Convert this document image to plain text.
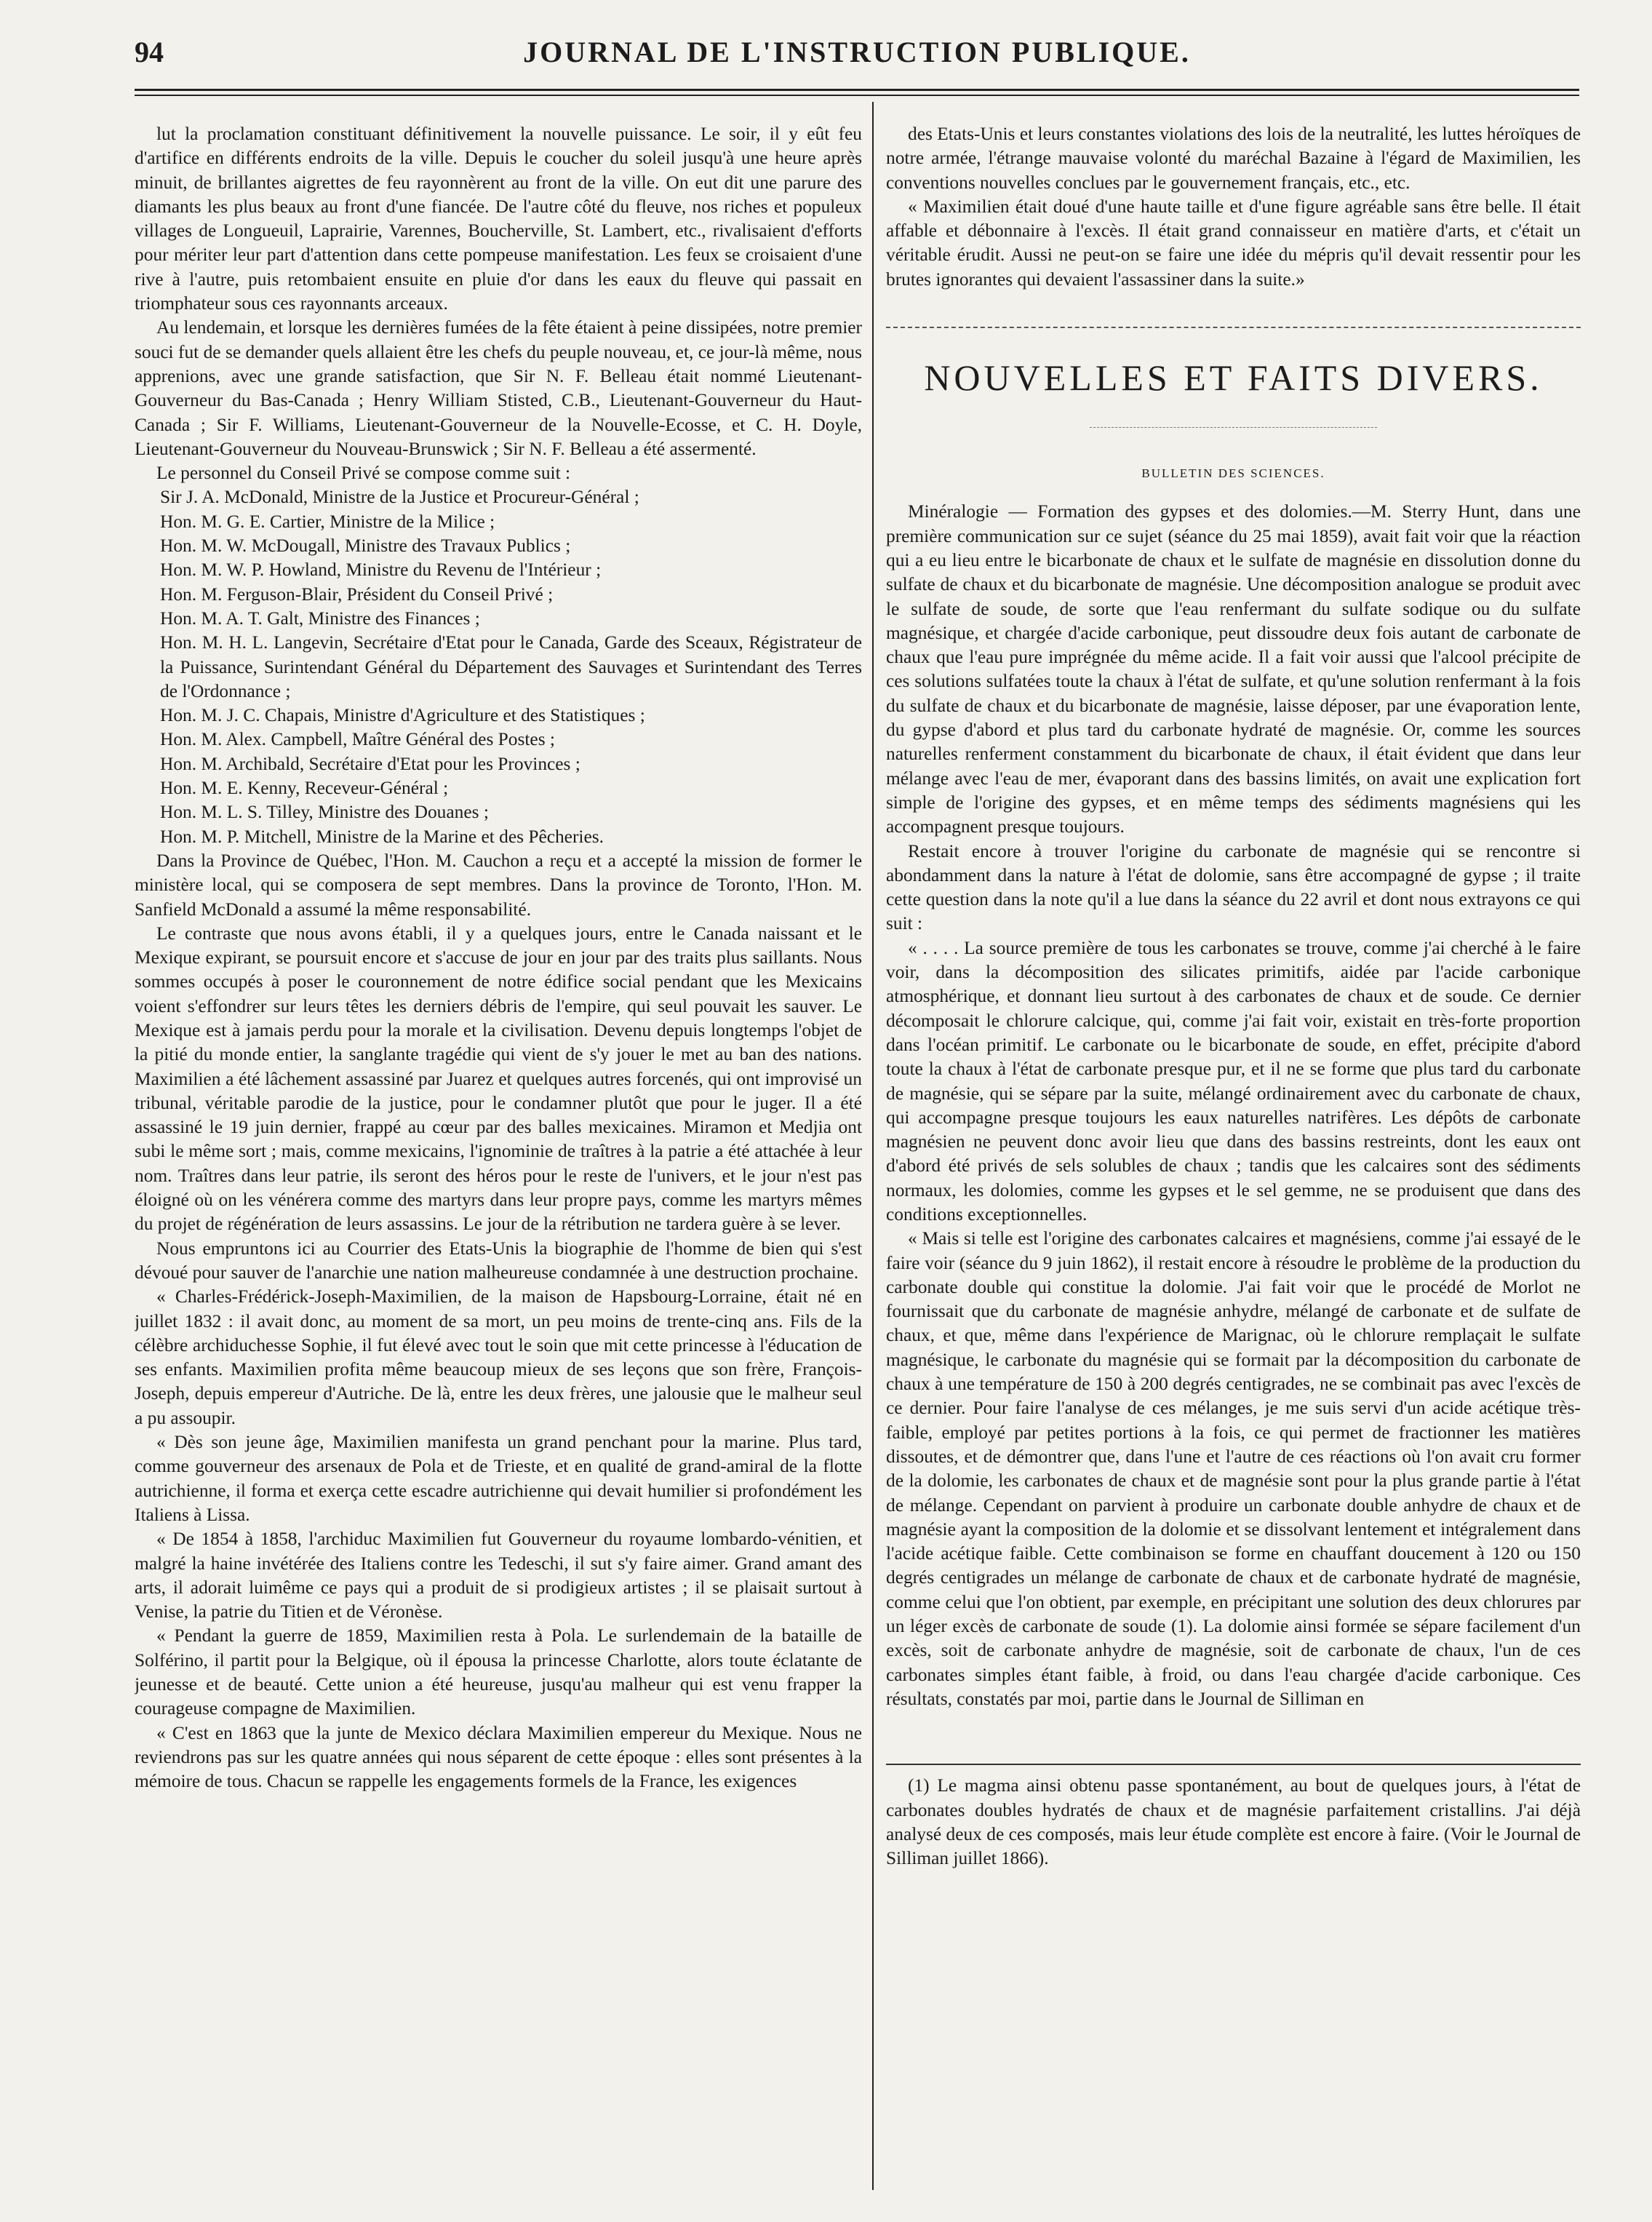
94	JOURNAL DE L'INSTRUCTION PUBLIQUE.

lut la proclamation constituant définitivement la nouvelle puissance. Le soir, il y eût feu d'artifice en différents endroits de la ville. Depuis le coucher du soleil jusqu'à une heure après minuit, de brillantes aigrettes de feu rayonnèrent au front de la ville. On eut dit une parure des diamants les plus beaux au front d'une fiancée. De l'autre côté du fleuve, nos riches et populeux villages de Longueuil, Laprairie, Varennes, Boucherville, St. Lambert, etc., rivalisaient d'efforts pour mériter leur part d'attention dans cette pompeuse manifestation. Les feux se croisaient d'une rive à l'autre, puis retombaient ensuite en pluie d'or dans les eaux du fleuve qui passait en triomphateur sous ces rayonnants arceaux.

Au lendemain, et lorsque les dernières fumées de la fête étaient à peine dissipées, notre premier souci fut de se demander quels allaient être les chefs du peuple nouveau, et, ce jour-là même, nous apprenions, avec une grande satisfaction, que Sir N. F. Belleau était nommé Lieutenant-Gouverneur du Bas-Canada ; Henry William Stisted, C.B., Lieutenant-Gouverneur du Haut-Canada ; Sir F. Williams, Lieutenant-Gouverneur de la Nouvelle-Ecosse, et C. H. Doyle, Lieutenant-Gouverneur du Nouveau-Brunswick ; Sir N. F. Belleau a été assermenté.

Le personnel du Conseil Privé se compose comme suit :

Sir J. A. McDonald, Ministre de la Justice et Procureur-Général ;

Hon. M. G. E. Cartier, Ministre de la Milice ;

Hon. M. W. McDougall, Ministre des Travaux Publics ;

Hon. M. W. P. Howland, Ministre du Revenu de l'Intérieur ;

Hon. M. Ferguson-Blair, Président du Conseil Privé ;

Hon. M. A. T. Galt, Ministre des Finances ;

Hon. M. H. L. Langevin, Secrétaire d'Etat pour le Canada, Garde des Sceaux, Régistrateur de la Puissance, Surintendant Général du Département des Sauvages et Surintendant des Terres de l'Ordonnance ;

Hon. M. J. C. Chapais, Ministre d'Agriculture et des Statistiques ;

Hon. M. Alex. Campbell, Maître Général des Postes ;

Hon. M. Archibald, Secrétaire d'Etat pour les Provinces ;

Hon. M. E. Kenny, Receveur-Général ;

Hon. M. L. S. Tilley, Ministre des Douanes ;

Hon. M. P. Mitchell, Ministre de la Marine et des Pêcheries.

Dans la Province de Québec, l'Hon. M. Cauchon a reçu et a accepté la mission de former le ministère local, qui se composera de sept membres. Dans la province de Toronto, l'Hon. M. Sanfield McDonald a assumé la même responsabilité.

Le contraste que nous avons établi, il y a quelques jours, entre le Canada naissant et le Mexique expirant, se poursuit encore et s'accuse de jour en jour par des traits plus saillants. Nous sommes occupés à poser le couronnement de notre édifice social pendant que les Mexicains voient s'effondrer sur leurs têtes les derniers débris de l'empire, qui seul pouvait les sauver. Le Mexique est à jamais perdu pour la morale et la civilisation. Devenu depuis longtemps l'objet de la pitié du monde entier, la sanglante tragédie qui vient de s'y jouer le met au ban des nations. Maximilien a été lâchement assassiné par Juarez et quelques autres forcenés, qui ont improvisé un tribunal, véritable parodie de la justice, pour le condamner plutôt que pour le juger. Il a été assassiné le 19 juin dernier, frappé au cœur par des balles mexicaines. Miramon et Medjia ont subi le même sort ; mais, comme mexicains, l'ignominie de traîtres à la patrie a été attachée à leur nom. Traîtres dans leur patrie, ils seront des héros pour le reste de l'univers, et le jour n'est pas éloigné où on les vénérera comme des martyrs dans leur propre pays, comme les martyrs mêmes du projet de régénération de leurs assassins. Le jour de la rétribution ne tardera guère à se lever.

Nous empruntons ici au Courrier des Etats-Unis la biographie de l'homme de bien qui s'est dévoué pour sauver de l'anarchie une nation malheureuse condamnée à une destruction prochaine.

« Charles-Frédérick-Joseph-Maximilien, de la maison de Hapsbourg-Lorraine, était né en juillet 1832 : il avait donc, au moment de sa mort, un peu moins de trente-cinq ans. Fils de la célèbre archiduchesse Sophie, il fut élevé avec tout le soin que mit cette princesse à l'éducation de ses enfants. Maximilien profita même beaucoup mieux de ses leçons que son frère, François-Joseph, depuis empereur d'Autriche. De là, entre les deux frères, une jalousie que le malheur seul a pu assoupir.

« Dès son jeune âge, Maximilien manifesta un grand penchant pour la marine. Plus tard, comme gouverneur des arsenaux de Pola et de Trieste, et en qualité de grand-amiral de la flotte autrichienne, il forma et exerça cette escadre autrichienne qui devait humilier si profondément les Italiens à Lissa.

« De 1854 à 1858, l'archiduc Maximilien fut Gouverneur du royaume lombardo-vénitien, et malgré la haine invétérée des Italiens contre les Tedeschi, il sut s'y faire aimer. Grand amant des arts, il adorait luimême ce pays qui a produit de si prodigieux artistes ; il se plaisait surtout à Venise, la patrie du Titien et de Véronèse.

« Pendant la guerre de 1859, Maximilien resta à Pola. Le surlendemain de la bataille de Solférino, il partit pour la Belgique, où il épousa la princesse Charlotte, alors toute éclatante de jeunesse et de beauté. Cette union a été heureuse, jusqu'au malheur qui est venu frapper la courageuse compagne de Maximilien.

« C'est en 1863 que la junte de Mexico déclara Maximilien empereur du Mexique. Nous ne reviendrons pas sur les quatre années qui nous séparent de cette époque : elles sont présentes à la mémoire de tous. Chacun se rappelle les engagements formels de la France, les exigences

des Etats-Unis et leurs constantes violations des lois de la neutralité, les luttes héroïques de notre armée, l'étrange mauvaise volonté du maréchal Bazaine à l'égard de Maximilien, les conventions nouvelles conclues par le gouvernement français, etc., etc.

« Maximilien était doué d'une haute taille et d'une figure agréable sans être belle. Il était affable et débonnaire à l'excès. Il était grand connaisseur en matière d'arts, et c'était un véritable érudit. Aussi ne peut-on se faire une idée du mépris qu'il devait ressentir pour les brutes ignorantes qui devaient l'assassiner dans la suite.»

NOUVELLES ET FAITS DIVERS.
BULLETIN DES SCIENCES.

Minéralogie — Formation des gypses et des dolomies.—M. Sterry Hunt, dans une première communication sur ce sujet (séance du 25 mai 1859), avait fait voir que la réaction qui a eu lieu entre le bicarbonate de chaux et le sulfate de magnésie en dissolution donne du sulfate de chaux et du bicarbonate de magnésie. Une décomposition analogue se produit avec le sulfate de soude, de sorte que l'eau renfermant du sulfate sodique ou du sulfate magnésique, et chargée d'acide carbonique, peut dissoudre deux fois autant de carbonate de chaux que l'eau pure imprégnée du même acide. Il a fait voir aussi que l'alcool précipite de ces solutions sulfatées toute la chaux à l'état de sulfate, et qu'une solution renfermant à la fois du sulfate de chaux et du bicarbonate de magnésie, laisse déposer, par une évaporation lente, du gypse d'abord et plus tard du carbonate hydraté de magnésie. Or, comme les sources naturelles renferment constamment du bicarbonate de chaux, il était évident que dans leur mélange avec l'eau de mer, évaporant dans des bassins limités, on avait une explication fort simple de l'origine des gypses, et en même temps des sédiments magnésiens qui les accompagnent presque toujours.

Restait encore à trouver l'origine du carbonate de magnésie qui se rencontre si abondamment dans la nature à l'état de dolomie, sans être accompagné de gypse ; il traite cette question dans la note qu'il a lue dans la séance du 22 avril et dont nous extrayons ce qui suit :

« . . . . La source première de tous les carbonates se trouve, comme j'ai cherché à le faire voir, dans la décomposition des silicates primitifs, aidée par l'acide carbonique atmosphérique, et donnant lieu surtout à des carbonates de chaux et de soude. Ce dernier décomposait le chlorure calcique, qui, comme j'ai fait voir, existait en très-forte proportion dans l'océan primitif. Le carbonate ou le bicarbonate de soude, en effet, précipite d'abord toute la chaux à l'état de carbonate presque pur, et il ne se forme que plus tard du carbonate de magnésie, qui se sépare par la suite, mélangé ordinairement avec du carbonate de chaux, qui accompagne presque toujours les eaux naturelles natrifères. Les dépôts de carbonate magnésien ne peuvent donc avoir lieu que dans des bassins restreints, dont les eaux ont d'abord été privés de sels solubles de chaux ; tandis que les calcaires sont des sédiments normaux, les dolomies, comme les gypses et le sel gemme, ne se produisent que dans des conditions exceptionnelles.

« Mais si telle est l'origine des carbonates calcaires et magnésiens, comme j'ai essayé de le faire voir (séance du 9 juin 1862), il restait encore à résoudre le problème de la production du carbonate double qui constitue la dolomie. J'ai fait voir que le procédé de Morlot ne fournissait que du carbonate de magnésie anhydre, mélangé de carbonate et de sulfate de chaux, et que, même dans l'expérience de Marignac, où le chlorure remplaçait le sulfate magnésique, le carbonate du magnésie qui se formait par la décomposition du carbonate de chaux à une température de 150 à 200 degrés centigrades, ne se combinait pas avec l'excès de ce dernier. Pour faire l'analyse de ces mélanges, je me suis servi d'un acide acétique très-faible, employé par petites portions à la fois, ce qui permet de fractionner les matières dissoutes, et de démontrer que, dans l'une et l'autre de ces réactions où l'on avait cru former de la dolomie, les carbonates de chaux et de magnésie sont pour la plus grande partie à l'état de mélange. Cependant on parvient à produire un carbonate double anhydre de chaux et de magnésie ayant la composition de la dolomie et se dissolvant lentement et intégralement dans l'acide acétique faible. Cette combinaison se forme en chauffant doucement à 120 ou 150 degrés centigrades un mélange de carbonate de chaux et de carbonate hydraté de magnésie, comme celui que l'on obtient, par exemple, en précipitant une solution des deux chlorures par un léger excès de carbonate de soude (1). La dolomie ainsi formée se sépare facilement d'un excès, soit de carbonate anhydre de magnésie, soit de carbonate de chaux, l'un de ces carbonates simples étant faible, à froid, ou dans l'eau chargée d'acide carbonique. Ces résultats, constatés par moi, partie dans le Journal de Silliman en

(1) Le magma ainsi obtenu passe spontanément, au bout de quelques jours, à l'état de carbonates doubles hydratés de chaux et de magnésie parfaitement cristallins. J'ai déjà analysé deux de ces composés, mais leur étude complète est encore à faire. (Voir le Journal de Silliman juillet 1866).
